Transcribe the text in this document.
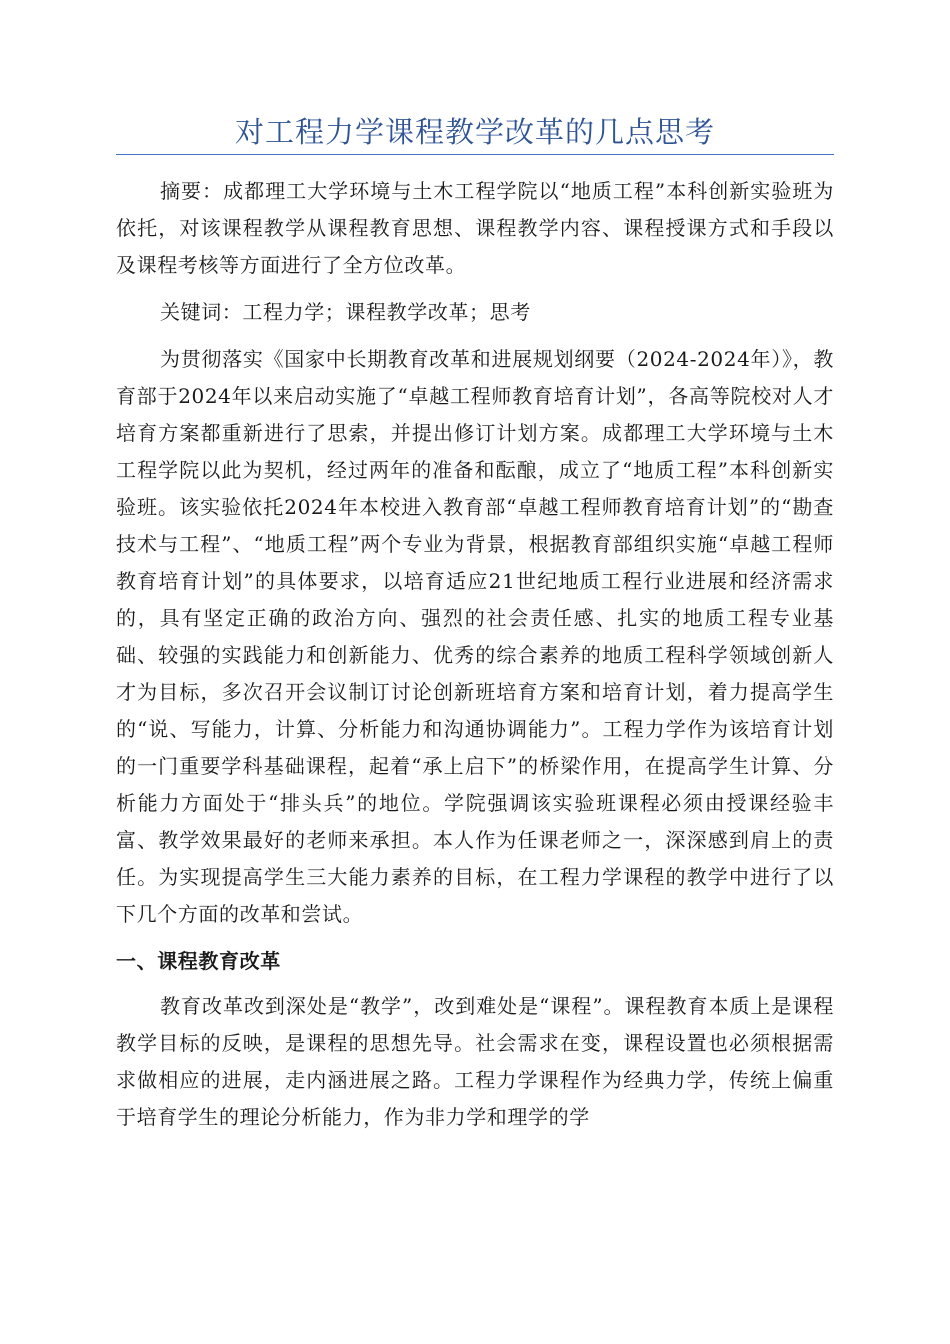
对工程力学课程教学改革的几点思考

摘要：成都理工大学环境与土木工程学院以“地质工程”本科创新实验班为依托，对该课程教学从课程教育思想、课程教学内容、课程授课方式和手段以及课程考核等方面进行了全方位改革。

关键词：工程力学；课程教学改革；思考

为贯彻落实《国家中长期教育改革和进展规划纲要（2024-2024年）》，教育部于2024年以来启动实施了“卓越工程师教育培育计划”，各高等院校对人才培育方案都重新进行了思索，并提出修订计划方案。成都理工大学环境与土木工程学院以此为契机，经过两年的准备和酝酿，成立了“地质工程”本科创新实验班。该实验依托2024年本校进入教育部“卓越工程师教育培育计划”的“勘查技术与工程”、“地质工程”两个专业为背景，根据教育部组织实施“卓越工程师教育培育计划”的具体要求，以培育适应21世纪地质工程行业进展和经济需求的，具有坚定正确的政治方向、强烈的社会责任感、扎实的地质工程专业基础、较强的实践能力和创新能力、优秀的综合素养的地质工程科学领域创新人才为目标，多次召开会议制订讨论创新班培育方案和培育计划，着力提高学生的“说、写能力，计算、分析能力和沟通协调能力”。工程力学作为该培育计划的一门重要学科基础课程，起着“承上启下”的桥梁作用，在提高学生计算、分析能力方面处于“排头兵”的地位。学院强调该实验班课程必须由授课经验丰富、教学效果最好的老师来承担。本人作为任课老师之一，深深感到肩上的责任。为实现提高学生三大能力素养的目标，在工程力学课程的教学中进行了以下几个方面的改革和尝试。

一、课程教育改革

教育改革改到深处是“教学”，改到难处是“课程”。课程教育本质上是课程教学目标的反映，是课程的思想先导。社会需求在变，课程设置也必须根据需求做相应的进展，走内涵进展之路。工程力学课程作为经典力学，传统上偏重于培育学生的理论分析能力，作为非力学和理学的学
